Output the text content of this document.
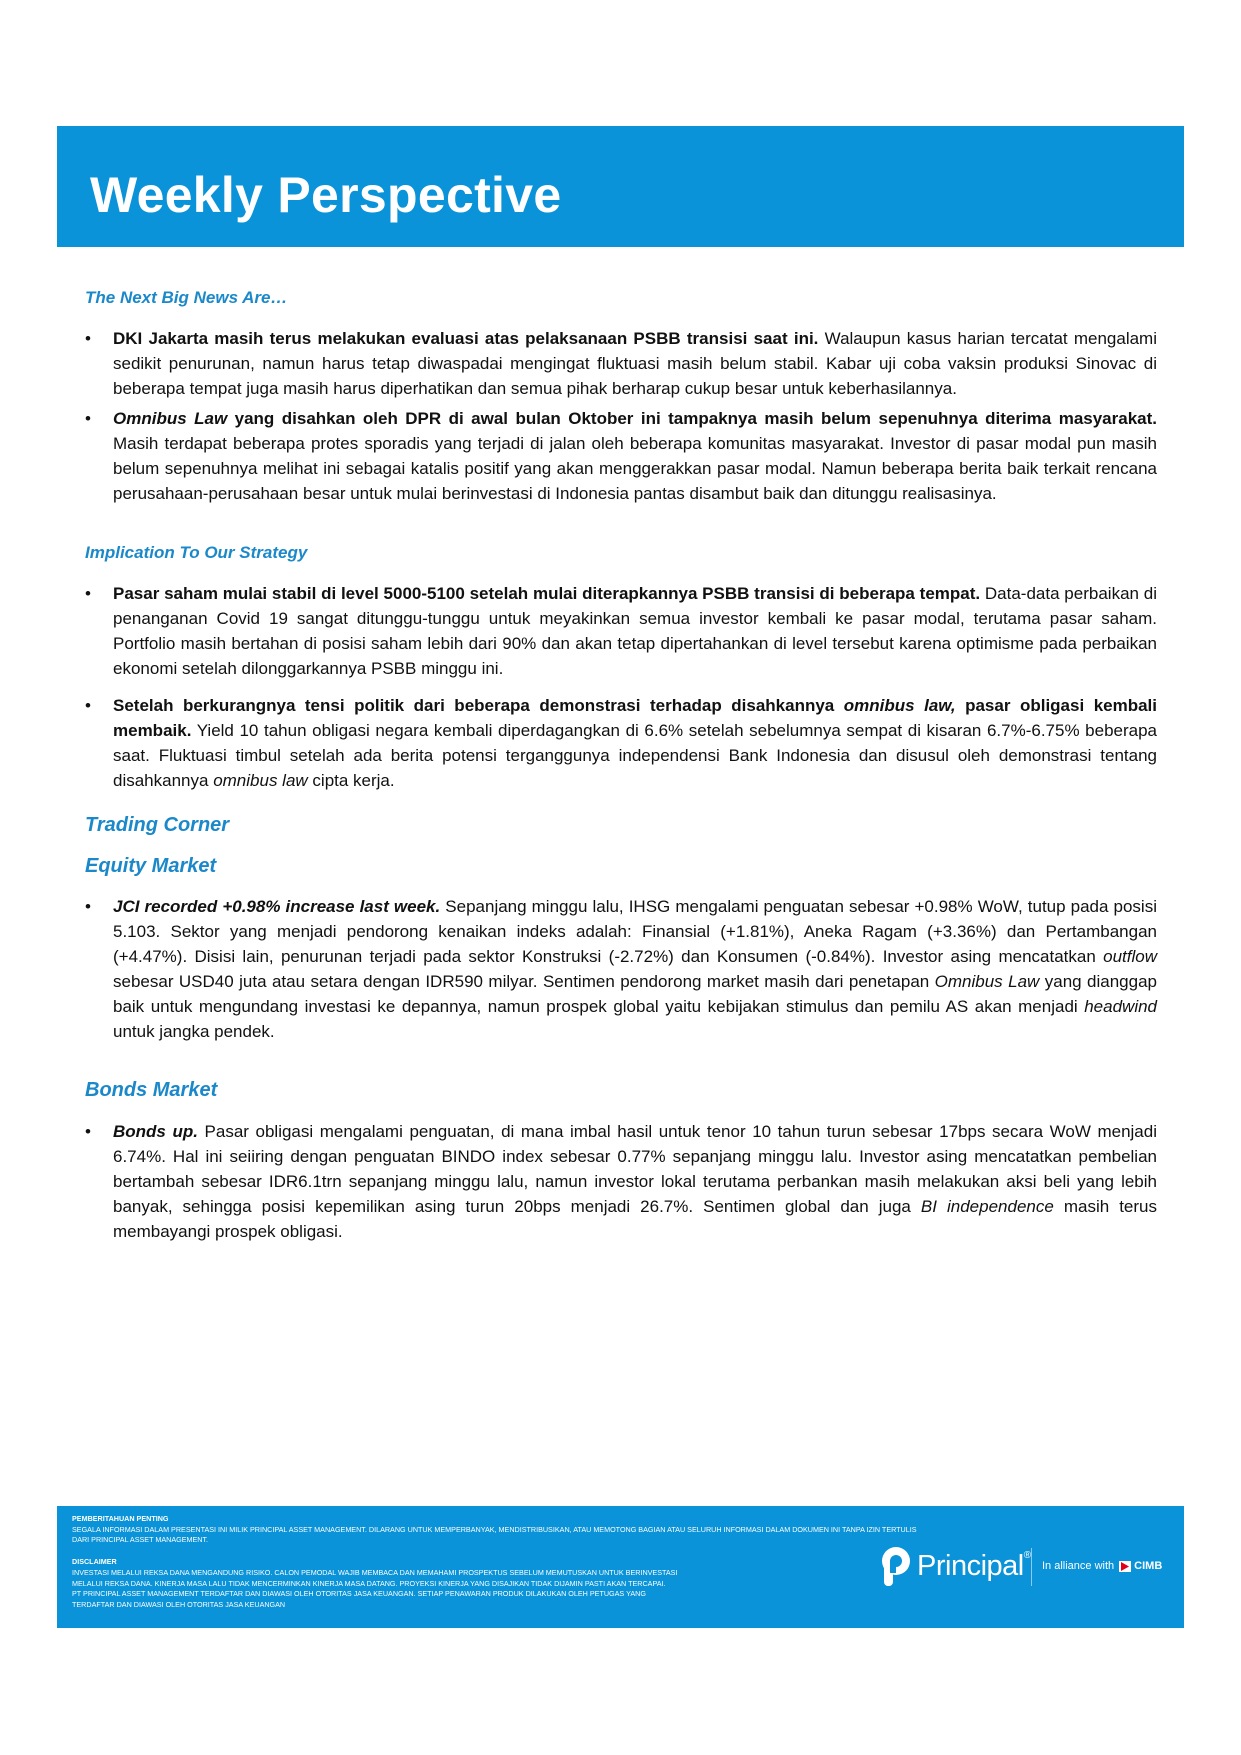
Weekly Perspective
The Next Big News Are…
• DKI Jakarta masih terus melakukan evaluasi atas pelaksanaan PSBB transisi saat ini. Walaupun kasus harian tercatat mengalami sedikit penurunan, namun harus tetap diwaspadai mengingat fluktuasi masih belum stabil. Kabar uji coba vaksin produksi Sinovac di beberapa tempat juga masih harus diperhatikan dan semua pihak berharap cukup besar untuk keberhasilannya.
• Omnibus Law yang disahkan oleh DPR di awal bulan Oktober ini tampaknya masih belum sepenuhnya diterima masyarakat. Masih terdapat beberapa protes sporadis yang terjadi di jalan oleh beberapa komunitas masyarakat. Investor di pasar modal pun masih belum sepenuhnya melihat ini sebagai katalis positif yang akan menggerakkan pasar modal. Namun beberapa berita baik terkait rencana perusahaan-perusahaan besar untuk mulai berinvestasi di Indonesia pantas disambut baik dan ditunggu realisasinya.
Implication To Our Strategy
• Pasar saham mulai stabil di level 5000-5100 setelah mulai diterapkannya PSBB transisi di beberapa tempat. Data-data perbaikan di penanganan Covid 19 sangat ditunggu-tunggu untuk meyakinkan semua investor kembali ke pasar modal, terutama pasar saham. Portfolio masih bertahan di posisi saham lebih dari 90% dan akan tetap dipertahankan di level tersebut karena optimisme pada perbaikan ekonomi setelah dilonggarkannya PSBB minggu ini.
• Setelah berkurangnya tensi politik dari beberapa demonstrasi terhadap disahkannya omnibus law, pasar obligasi kembali membaik. Yield 10 tahun obligasi negara kembali diperdagangkan di 6.6% setelah sebelumnya sempat di kisaran 6.7%-6.75% beberapa saat. Fluktuasi timbul setelah ada berita potensi terganggunya independensi Bank Indonesia dan disusul oleh demonstrasi tentang disahkannya omnibus law cipta kerja.
Trading Corner
Equity Market
• JCI recorded +0.98% increase last week. Sepanjang minggu lalu, IHSG mengalami penguatan sebesar +0.98% WoW, tutup pada posisi 5.103. Sektor yang menjadi pendorong kenaikan indeks adalah: Finansial (+1.81%), Aneka Ragam (+3.36%) dan Pertambangan (+4.47%). Disisi lain, penurunan terjadi pada sektor Konstruksi (-2.72%) dan Konsumen (-0.84%). Investor asing mencatatkan outflow sebesar USD40 juta atau setara dengan IDR590 milyar. Sentimen pendorong market masih dari penetapan Omnibus Law yang dianggap baik untuk mengundang investasi ke depannya, namun prospek global yaitu kebijakan stimulus dan pemilu AS akan menjadi headwind untuk jangka pendek.
Bonds Market
• Bonds up. Pasar obligasi mengalami penguatan, di mana imbal hasil untuk tenor 10 tahun turun sebesar 17bps secara WoW menjadi 6.74%. Hal ini seiiring dengan penguatan BINDO index sebesar 0.77% sepanjang minggu lalu. Investor asing mencatatkan pembelian bertambah sebesar IDR6.1trn sepanjang minggu lalu, namun investor lokal terutama perbankan masih melakukan aksi beli yang lebih banyak, sehingga posisi kepemilikan asing turun 20bps menjadi 26.7%. Sentimen global dan juga BI independence masih terus membayangi prospek obligasi.
PEMBERITAHUAN PENTING
SEGALA INFORMASI DALAM PRESENTASI INI MILIK PRINCIPAL ASSET MANAGEMENT. DILARANG UNTUK MEMPERBANYAK, MENDISTRIBUSIKAN, ATAU MEMOTONG BAGIAN ATAU SELURUH INFORMASI DALAM DOKUMEN INI TANPA IZIN TERTULIS DARI PRINCIPAL ASSET MANAGEMENT.
DISCLAIMER
INVESTASI MELALUI REKSA DANA MENGANDUNG RISIKO. CALON PEMODAL WAJIB MEMBACA DAN MEMAHAMI PROSPEKTUS SEBELUM MEMUTUSKAN UNTUK BERINVESTASI
MELALUI REKSA DANA. KINERJA MASA LALU TIDAK MENCERMINKAN KINERJA MASA DATANG. PROYEKSI KINERJA YANG DISAJIKAN TIDAK DIJAMIN PASTI AKAN TERCAPAI.
PT PRINCIPAL ASSET MANAGEMENT TERDAFTAR DAN DIAWASI OLEH OTORITAS JASA KEUANGAN. SETIAP PENAWARAN PRODUK DILAKUKAN OLEH PETUGAS YANG
TERDAFTAR DAN DIAWASI OLEH OTORITAS JASA KEUANGAN
Principal ®
In alliance with CIMB
